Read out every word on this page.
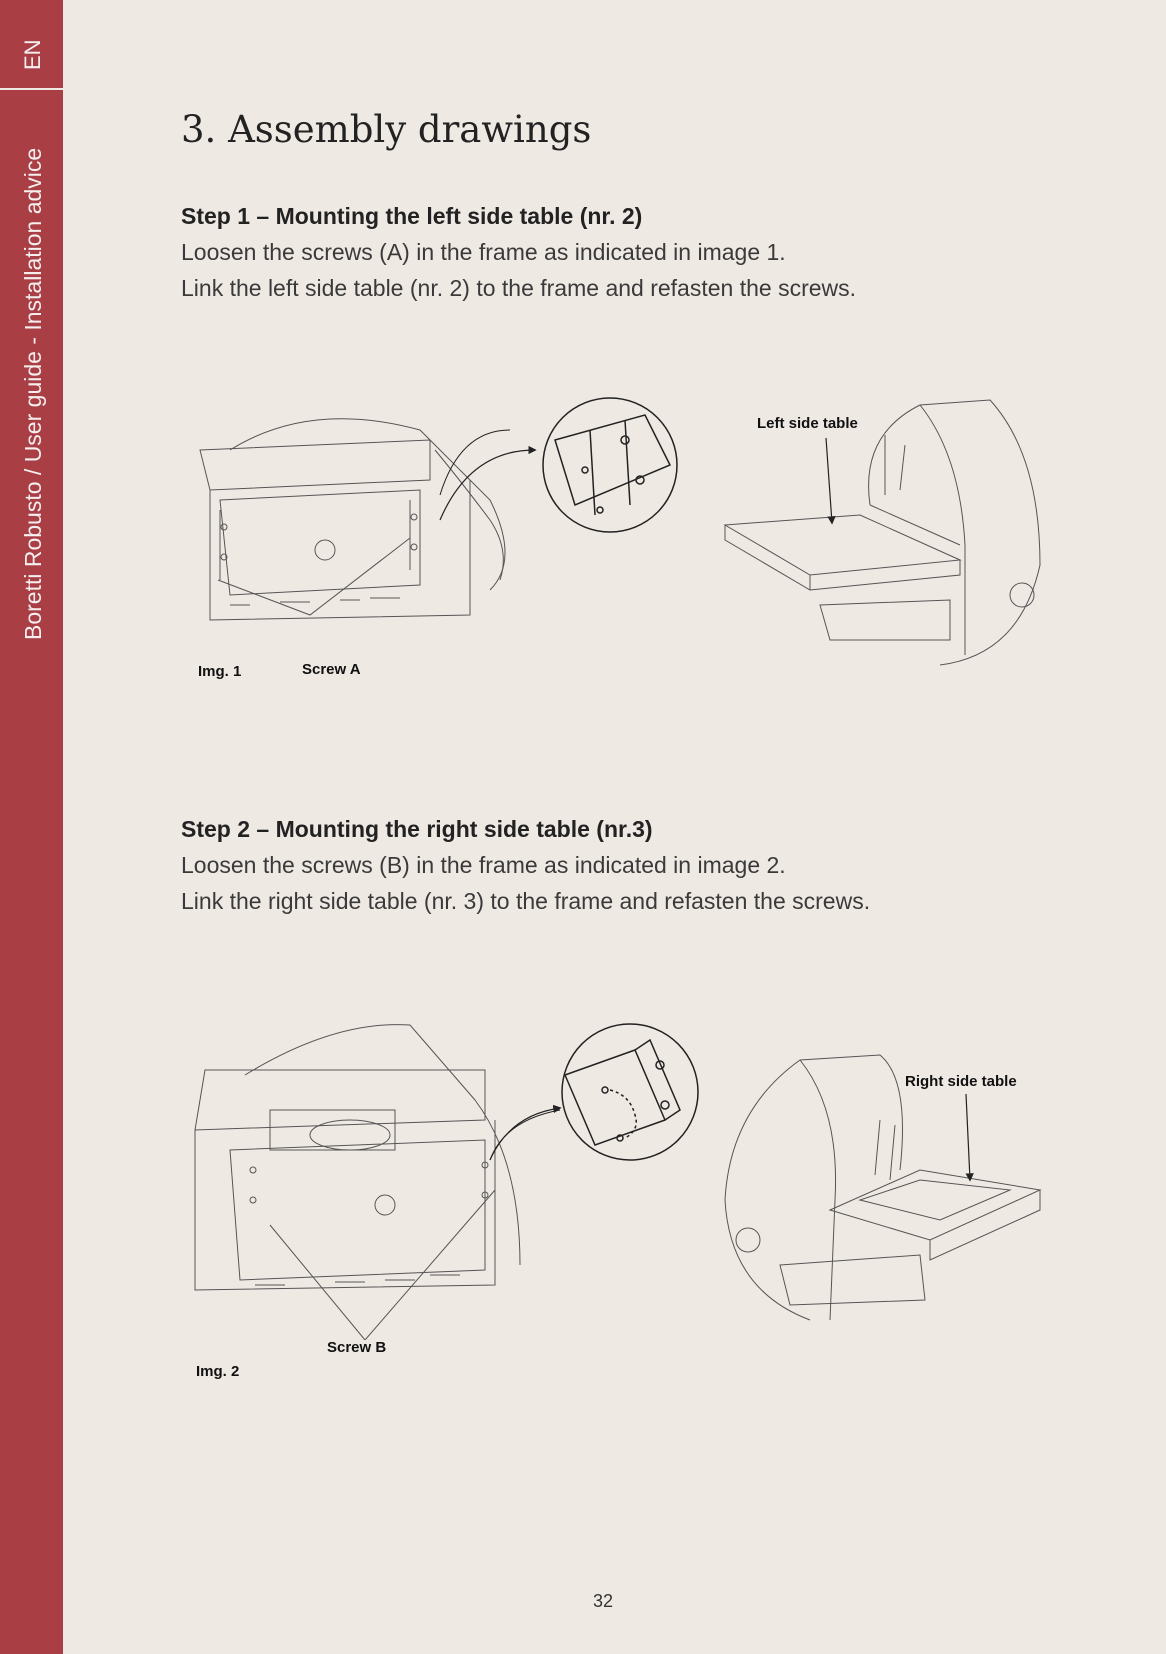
EN
Boretti Robusto / User guide - Installation advice
3. Assembly drawings

Step 1 – Mounting the left side table (nr. 2)

Loosen the screws (A) in the frame as indicated in image 1.
Link the left side table (nr. 2) to the frame and refasten the screws.
Img. 1	Screw A
Left side table

Step 2 – Mounting the right side table (nr.3)

Loosen the screws (B) in the frame as indicated in image 2.
Link the right side table (nr. 3) to the frame and refasten the screws.
Img. 2
Screw B
Right side table
32
